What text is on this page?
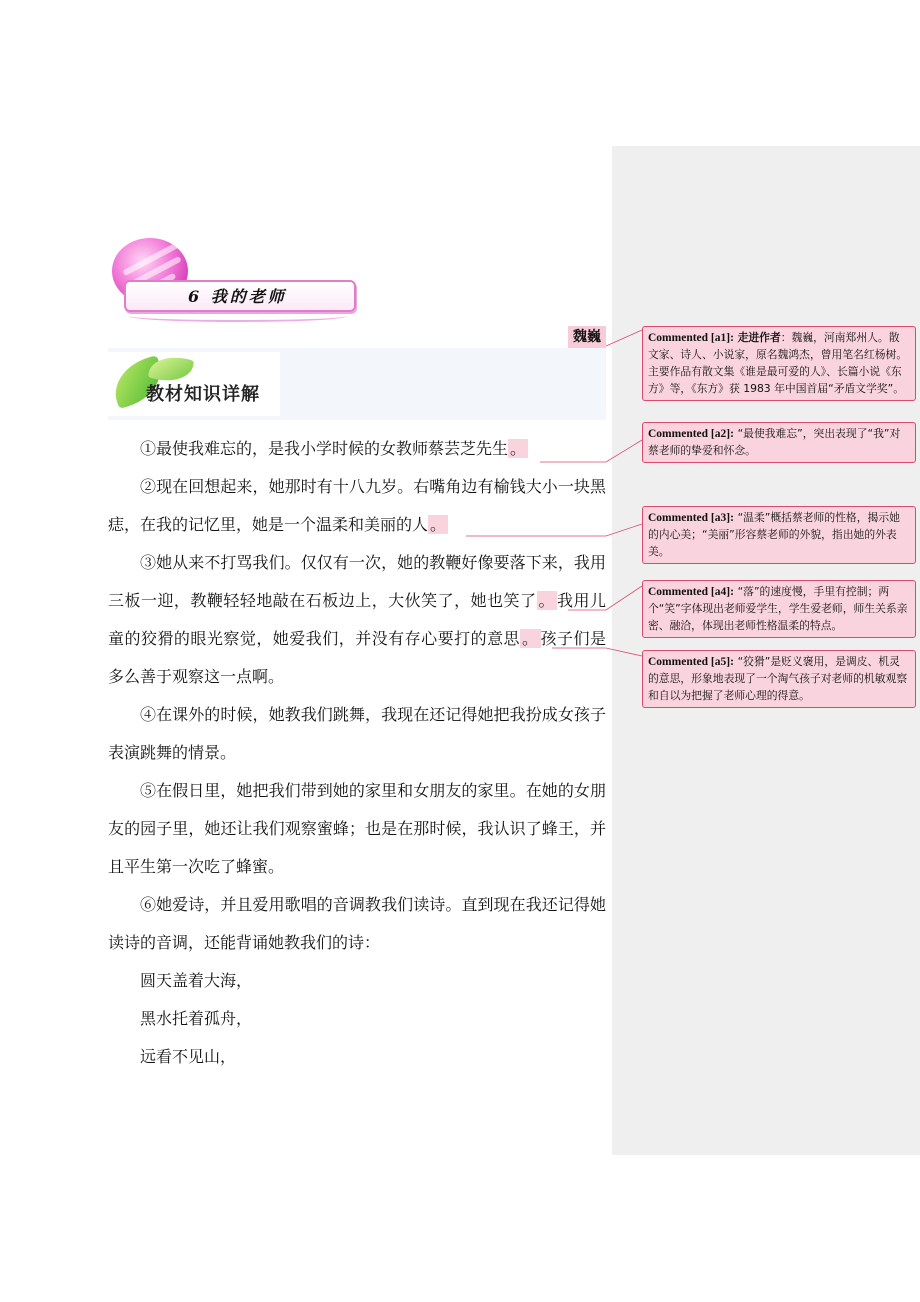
6 我的老师
魏巍
教材知识详解

①最使我难忘的，是我小学时候的女教师蔡芸芝先生 。

②现在回想起来，她那时有十八九岁。右嘴角边有榆钱大小一块黑痣，在我的记忆里，她是一个温柔和美丽的人 。

③她从来不打骂我们。仅仅有一次，她的教鞭好像要落下来，我用三板一迎，教鞭轻轻地敲在石板边上，大伙笑了，她也笑了 。 我用儿童的狡猾的眼光察觉，她爱我们，并没有存心要打的意思 。 孩子们是多么善于观察这一点啊。

④在课外的时候，她教我们跳舞，我现在还记得她把我扮成女孩子表演跳舞的情景。

⑤在假日里，她把我们带到她的家里和女朋友的家里。在她的女朋友的园子里，她还让我们观察蜜蜂；也是在那时候，我认识了蜂王，并且平生第一次吃了蜂蜜。

⑥她爱诗，并且爱用歌唱的音调教我们读诗。直到现在我还记得她读诗的音调，还能背诵她教我们的诗：

圆天盖着大海，

黑水托着孤舟，

远看不见山，

Commented [a1]: 走进作者：魏巍，河南郑州人。散文家、诗人、小说家，原名魏鸿杰，曾用笔名红杨树。主要作品有散文集《谁是最可爱的人》、长篇小说《东方》等，《东方》获 1983 年中国首届“矛盾文学奖”。
Commented [a2]: “最使我难忘”，突出表现了“我”对蔡老师的挚爱和怀念。
Commented [a3]: “温柔”概括蔡老师的性格，揭示她的内心美；“美丽”形容蔡老师的外貌，指出她的外表美。
Commented [a4]: “落”的速度慢，手里有控制；两个“笑”字体现出老师爱学生，学生爱老师，师生关系亲密、融洽，体现出老师性格温柔的特点。
Commented [a5]: “狡猾”是贬义褒用，是调皮、机灵的意思，形象地表现了一个淘气孩子对老师的机敏观察和自以为把握了老师心理的得意。
